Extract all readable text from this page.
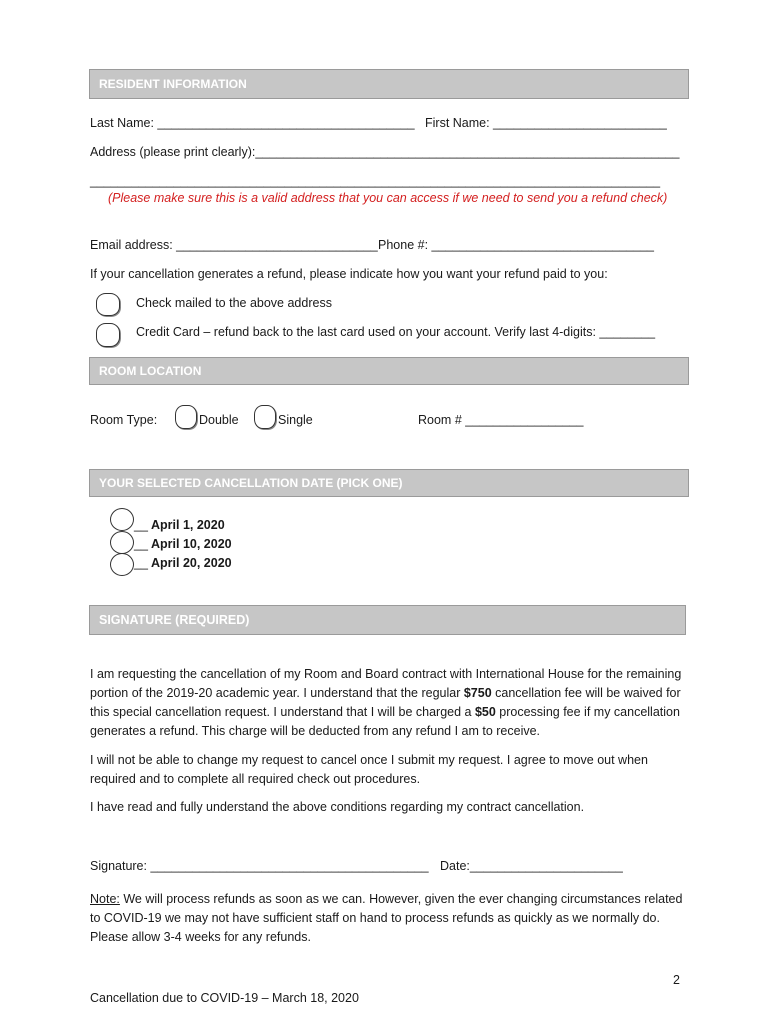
RESIDENT INFORMATION
Last Name: _____________________________________ First Name: _________________________
Address (please print clearly):_____________________________________________________________
__________________________________________________________________________________
(Please make sure this is a valid address that you can access if we need to send you a refund check)
Email address: _____________________________ Phone #: ________________________________
If your cancellation generates a refund, please indicate how you want your refund paid to you:
Check mailed to the above address
Credit Card – refund back to the last card used on your account. Verify last 4-digits: ________
ROOM LOCATION
Room Type:	Double	Single	Room # _________________
YOUR SELECTED CANCELLATION DATE (PICK ONE)
__ April 1, 2020
__ April 10, 2020
__ April 20, 2020
SIGNATURE (REQUIRED)
I am requesting the cancellation of my Room and Board contract with International House for the remaining portion of the 2019-20 academic year. I understand that the regular $750 cancellation fee will be waived for this special cancellation request. I understand that I will be charged a $50 processing fee if my cancellation generates a refund. This charge will be deducted from any refund I am to receive.
I will not be able to change my request to cancel once I submit my request. I agree to move out when required and to complete all required check out procedures.
I have read and fully understand the above conditions regarding my contract cancellation.
Signature: ________________________________________ Date:______________________
Note: We will process refunds as soon as we can. However, given the ever changing circumstances related to COVID-19 we may not have sufficient staff on hand to process refunds as quickly as we normally do. Please allow 3-4 weeks for any refunds.
2
Cancellation due to COVID-19 – March 18, 2020
